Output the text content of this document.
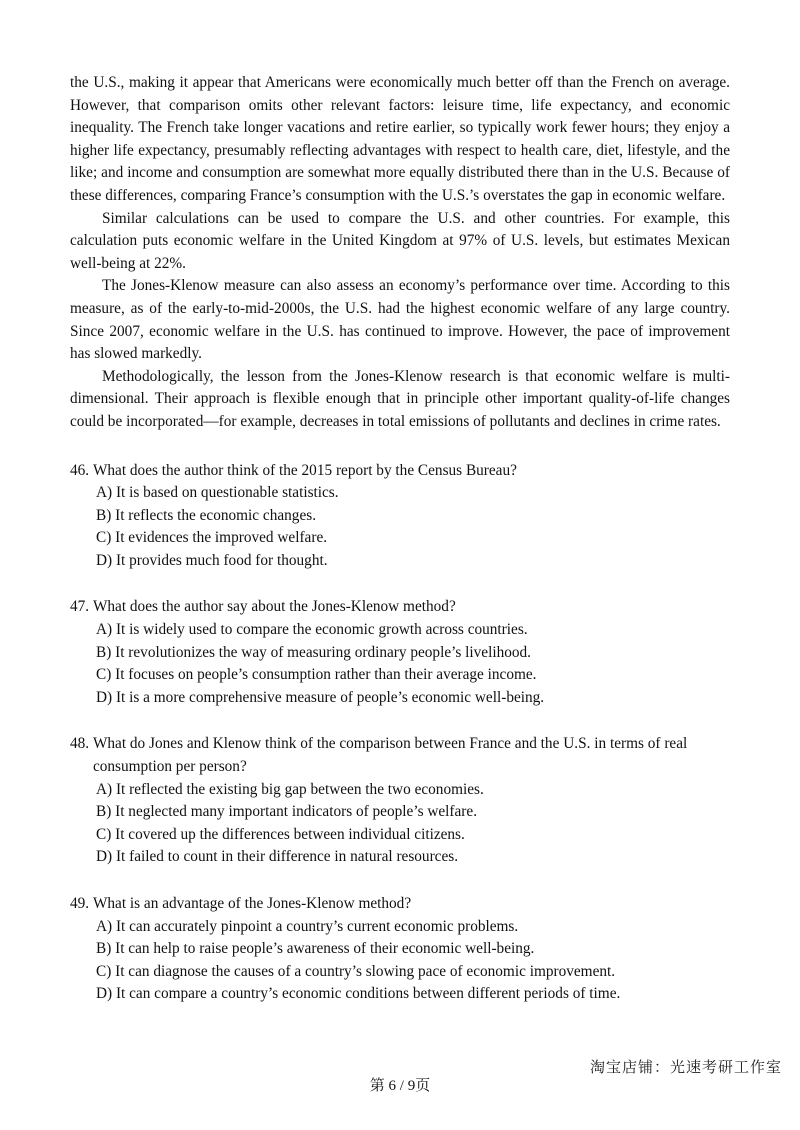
the U.S., making it appear that Americans were economically much better off than the French on average. However, that comparison omits other relevant factors: leisure time, life expectancy, and economic inequality. The French take longer vacations and retire earlier, so typically work fewer hours; they enjoy a higher life expectancy, presumably reflecting advantages with respect to health care, diet, lifestyle, and the like; and income and consumption are somewhat more equally distributed there than in the U.S. Because of these differences, comparing France’s consumption with the U.S.’s overstates the gap in economic welfare.

Similar calculations can be used to compare the U.S. and other countries. For example, this calculation puts economic welfare in the United Kingdom at 97% of U.S. levels, but estimates Mexican well-being at 22%.

The Jones-Klenow measure can also assess an economy’s performance over time. According to this measure, as of the early-to-mid-2000s, the U.S. had the highest economic welfare of any large country. Since 2007, economic welfare in the U.S. has continued to improve. However, the pace of improvement has slowed markedly.

Methodologically, the lesson from the Jones-Klenow research is that economic welfare is multi-dimensional. Their approach is flexible enough that in principle other important quality-of-life changes could be incorporated—for example, decreases in total emissions of pollutants and declines in crime rates.

46. What does the author think of the 2015 report by the Census Bureau?
A) It is based on questionable statistics.
B) It reflects the economic changes.
C) It evidences the improved welfare.
D) It provides much food for thought.
47. What does the author say about the Jones-Klenow method?
A) It is widely used to compare the economic growth across countries.
B) It revolutionizes the way of measuring ordinary people’s livelihood.
C) It focuses on people’s consumption rather than their average income.
D) It is a more comprehensive measure of people’s economic well-being.
48. What do Jones and Klenow think of the comparison between France and the U.S. in terms of real consumption per person?
A) It reflected the existing big gap between the two economies.
B) It neglected many important indicators of people’s welfare.
C) It covered up the differences between individual citizens.
D) It failed to count in their difference in natural resources.
49. What is an advantage of the Jones-Klenow method?
A) It can accurately pinpoint a country’s current economic problems.
B) It can help to raise people’s awareness of their economic well-being.
C) It can diagnose the causes of a country’s slowing pace of economic improvement.
D) It can compare a country’s economic conditions between different periods of time.
淘宝店铺：光速考研工作室
第 6 / 9页
